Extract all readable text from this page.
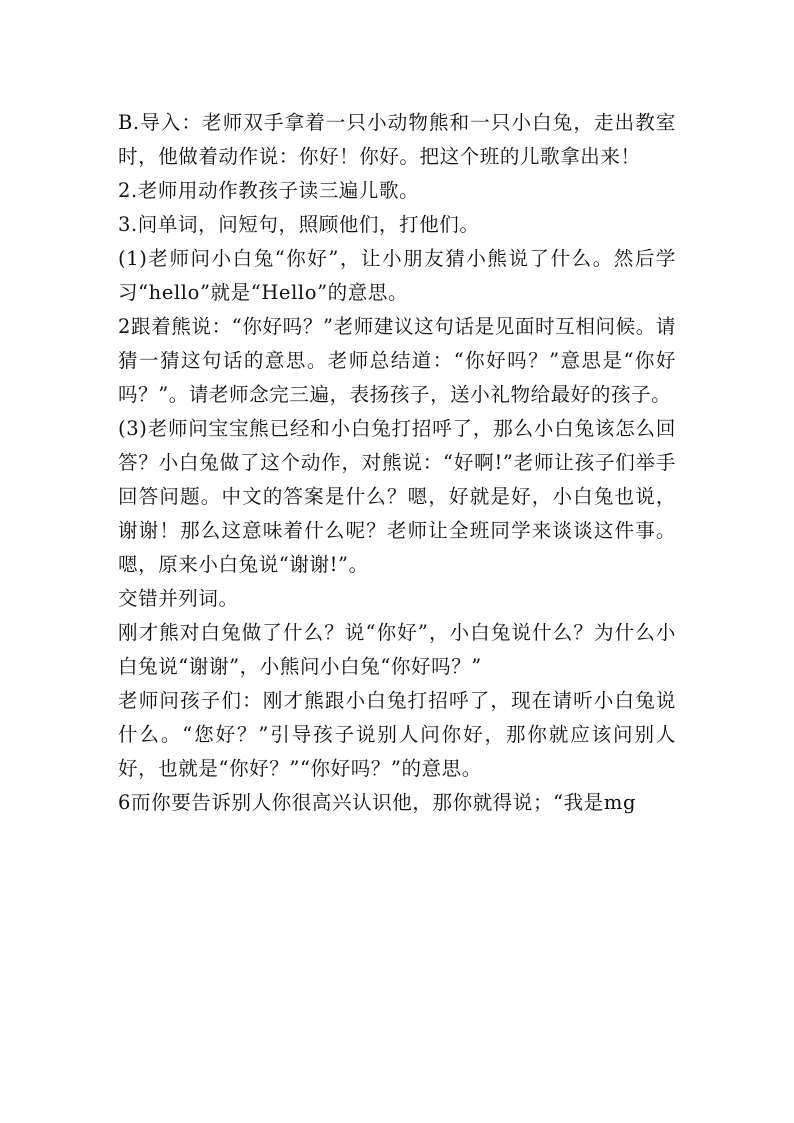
B.导入：老师双手拿着一只小动物熊和一只小白兔，走出教室时，他做着动作说：你好！你好。把这个班的儿歌拿出来！

2.老师用动作教孩子读三遍儿歌。

3.问单词，问短句，照顾他们，打他们。

(1)老师问小白兔“你好”，让小朋友猜小熊说了什么。然后学习“hello”就是“Hello”的意思。

2跟着熊说：“你好吗？”老师建议这句话是见面时互相问候。请猜一猜这句话的意思。老师总结道：“你好吗？”意思是“你好吗？”。请老师念完三遍，表扬孩子，送小礼物给最好的孩子。

(3)老师问宝宝熊已经和小白兔打招呼了，那么小白兔该怎么回答？小白兔做了这个动作，对熊说：“好啊!”老师让孩子们举手回答问题。中文的答案是什么？嗯，好就是好，小白兔也说，谢谢！那么这意味着什么呢？老师让全班同学来谈谈这件事。嗯，原来小白兔说“谢谢!”。

交错并列词。

刚才熊对白兔做了什么？说“你好”，小白兔说什么？为什么小白兔说“谢谢”，小熊问小白兔“你好吗？”

老师问孩子们：刚才熊跟小白兔打招呼了，现在请听小白兔说什么。“您好？”引导孩子说别人问你好，那你就应该问别人好，也就是“你好？”“你好吗？”的意思。

6而你要告诉别人你很高兴认识他，那你就得说；“我是mg
